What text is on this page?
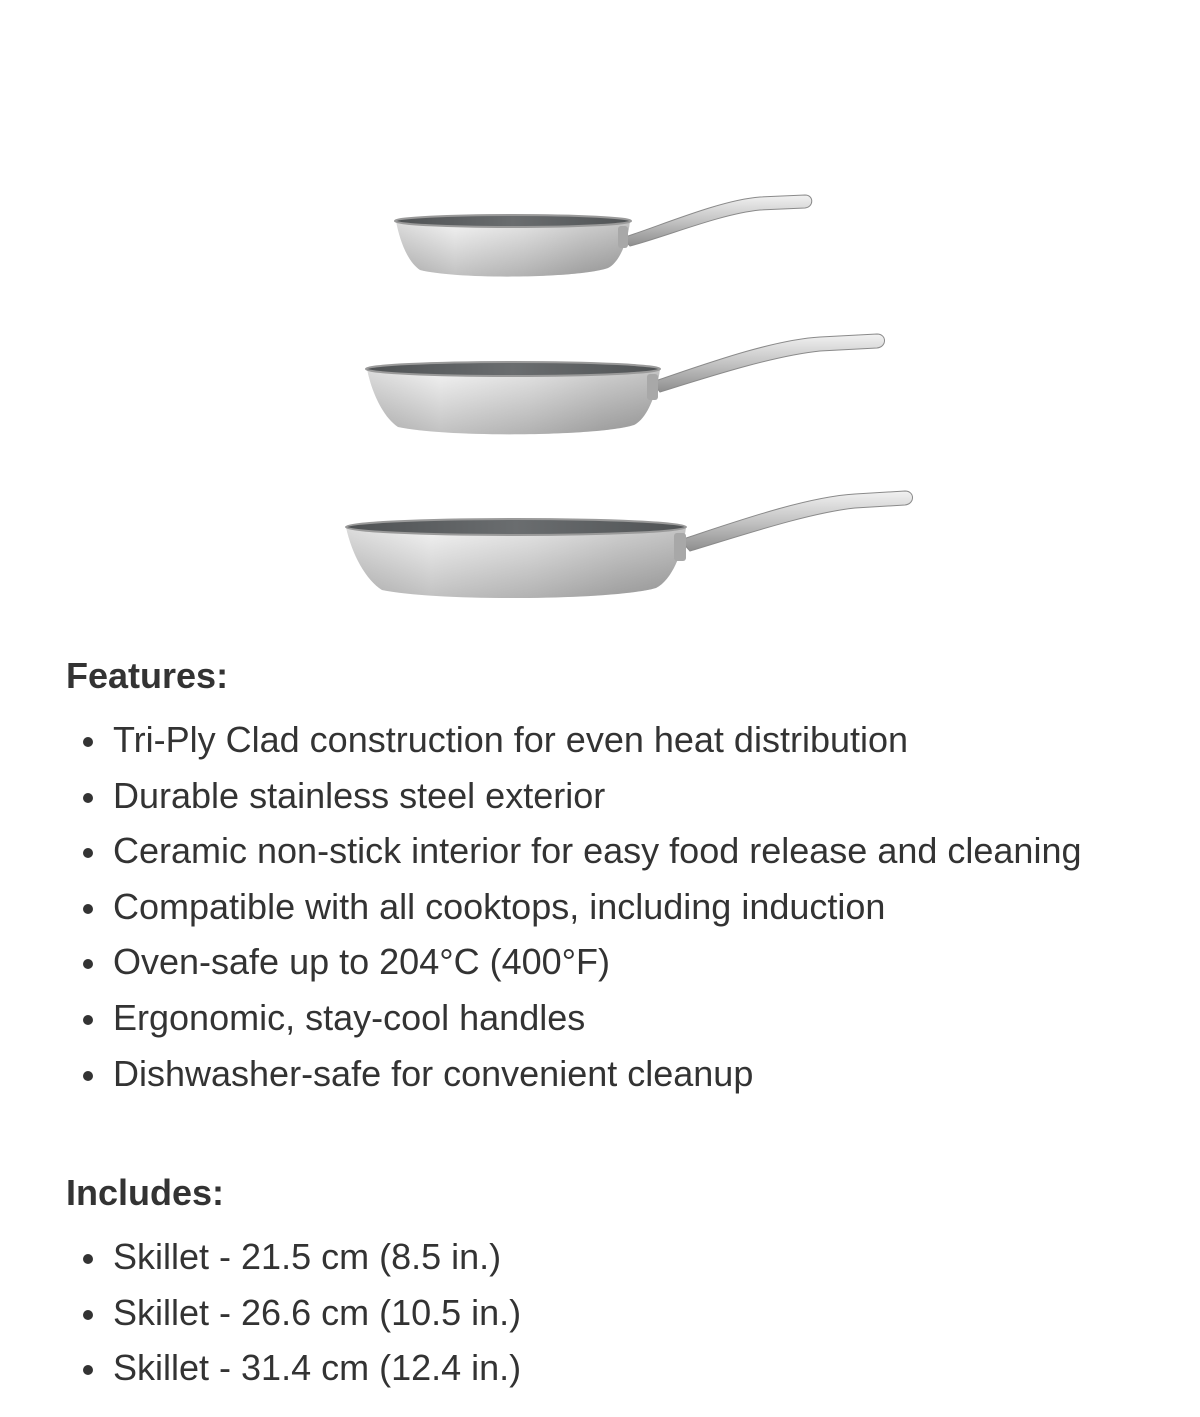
Features:
Tri-Ply Clad construction for even heat distribution
Durable stainless steel exterior
Ceramic non-stick interior for easy food release and cleaning
Compatible with all cooktops, including induction
Oven-safe up to 204°C (400°F)
Ergonomic, stay-cool handles
Dishwasher-safe for convenient cleanup
Includes:
Skillet - 21.5 cm (8.5 in.)
Skillet - 26.6 cm (10.5 in.)
Skillet - 31.4 cm (12.4 in.)
